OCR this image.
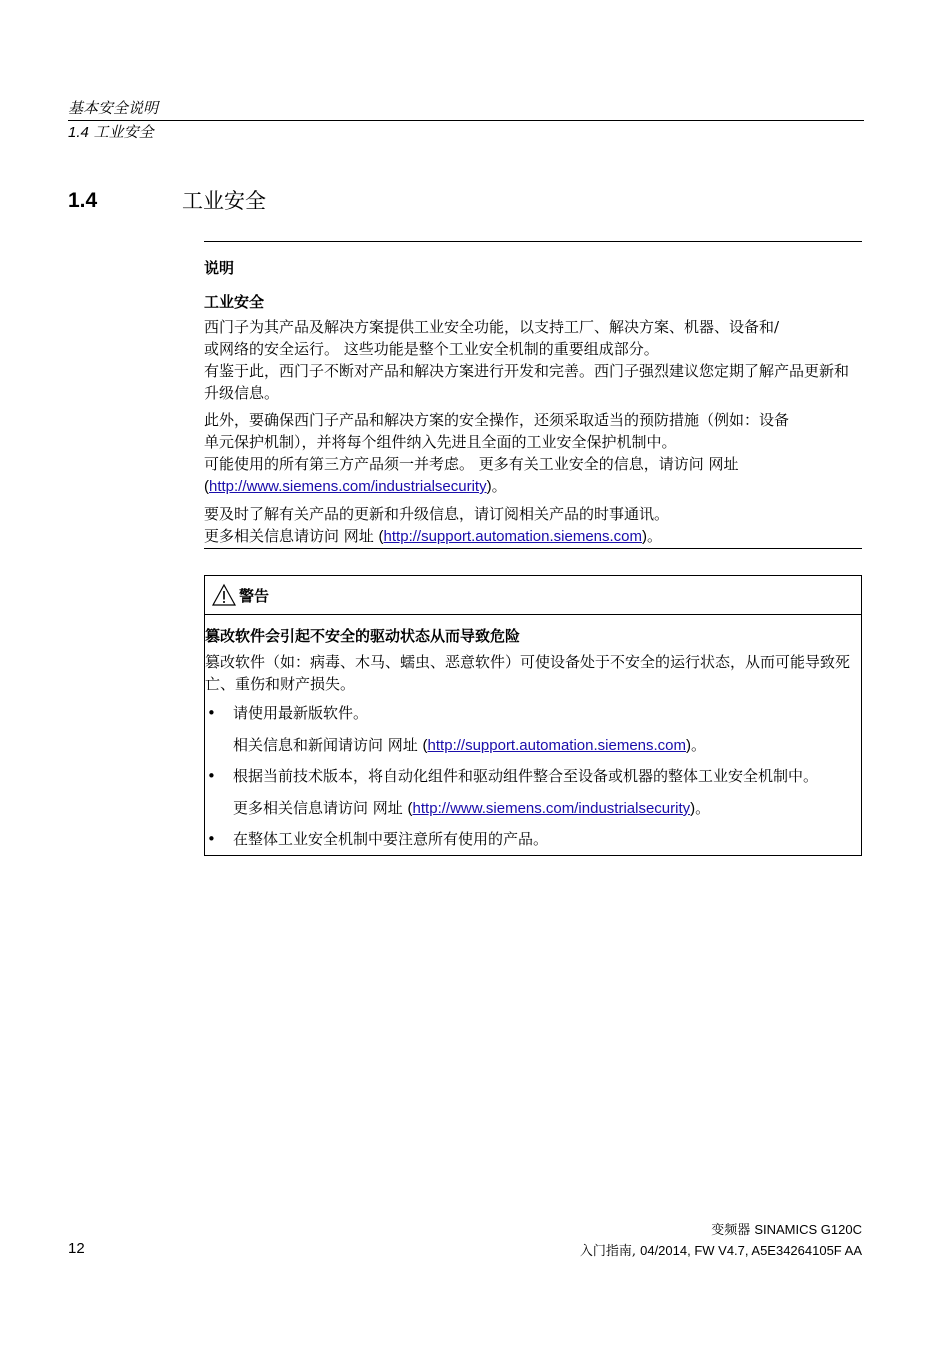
基本安全说明
1.4 工业安全
1.4	工业安全
说明
工业安全
西门子为其产品及解决方案提供工业安全功能，以支持工厂、解决方案、机器、设备和/
或网络的安全运行。 这些功能是整个工业安全机制的重要组成部分。
有鉴于此，西门子不断对产品和解决方案进行开发和完善。西门子强烈建议您定期了解产品更新和升级信息。
此外，要确保西门子产品和解决方案的安全操作，还须采取适当的预防措施（例如：设备
单元保护机制），并将每个组件纳入先进且全面的工业安全保护机制中。
可能使用的所有第三方产品须一并考虑。 更多有关工业安全的信息，请访问 网址
(http://www.siemens.com/industrialsecurity)。
要及时了解有关产品的更新和升级信息，请订阅相关产品的时事通讯。
更多相关信息请访问 网址 (http://support.automation.siemens.com)。
警告
篡改软件会引起不安全的驱动状态从而导致危险
篡改软件（如：病毒、木马、蠕虫、恶意软件）可使设备处于不安全的运行状态，从而可能导致死亡、重伤和财产损失。
• 请使用最新版软件。
相关信息和新闻请访问 网址 (http://support.automation.siemens.com)。
• 根据当前技术版本，将自动化组件和驱动组件整合至设备或机器的整体工业安全机制中。
更多相关信息请访问 网址 (http://www.siemens.com/industrialsecurity)。
• 在整体工业安全机制中要注意所有使用的产品。
变频器 SINAMICS G120C
入门指南, 04/2014, FW V4.7, A5E34264105F AA
12
